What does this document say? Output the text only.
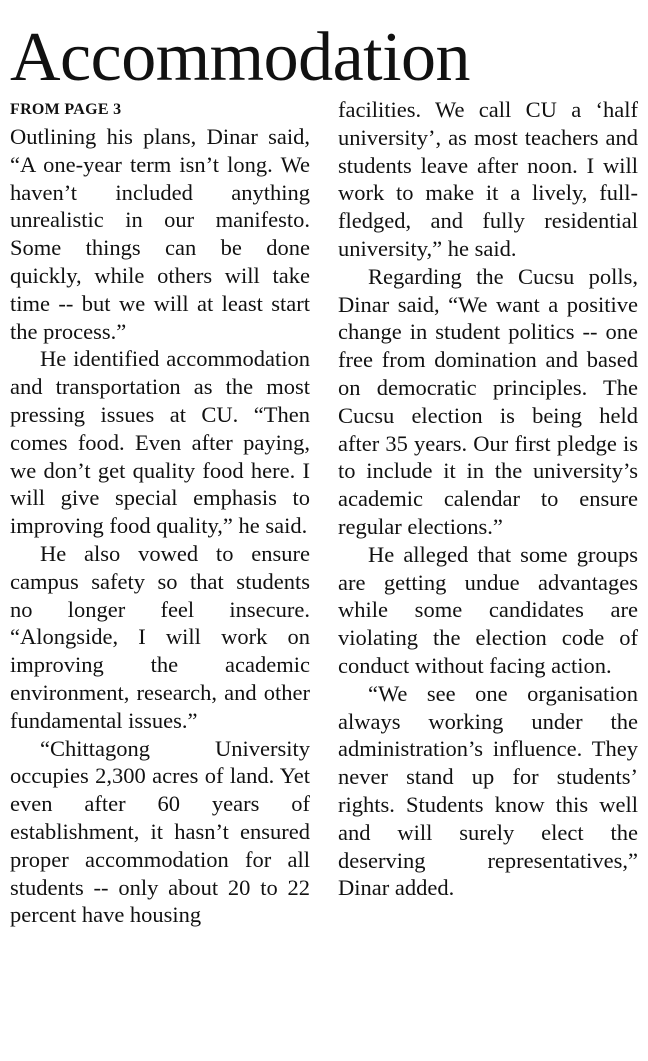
Accommodation
FROM PAGE 3

Outlining his plans, Dinar said, “A one-year term isn’t long. We haven’t included anything unrealistic in our manifesto. Some things can be done quickly, while others will take time -- but we will at least start the process.”

He identified accommodation and transportation as the most pressing issues at CU. “Then comes food. Even after paying, we don’t get quality food here. I will give special emphasis to improving food quality,” he said.

He also vowed to ensure campus safety so that students no longer feel insecure. “Alongside, I will work on improving the academic environment, research, and other fundamental issues.”

“Chittagong University occupies 2,300 acres of land. Yet even after 60 years of establishment, it hasn’t ensured proper accommodation for all students -- only about 20 to 22 percent have housing

facilities. We call CU a ‘half university’, as most teachers and students leave after noon. I will work to make it a lively, full-fledged, and fully residential university,” he said.

Regarding the Cucsu polls, Dinar said, “We want a positive change in student politics -- one free from domination and based on democratic principles. The Cucsu election is being held after 35 years. Our first pledge is to include it in the university’s academic calendar to ensure regular elections.”

He alleged that some groups are getting undue advantages while some candidates are violating the election code of conduct without facing action.

“We see one organisation always working under the administration’s influence. They never stand up for students’ rights. Students know this well and will surely elect the deserving representatives,” Dinar added.
